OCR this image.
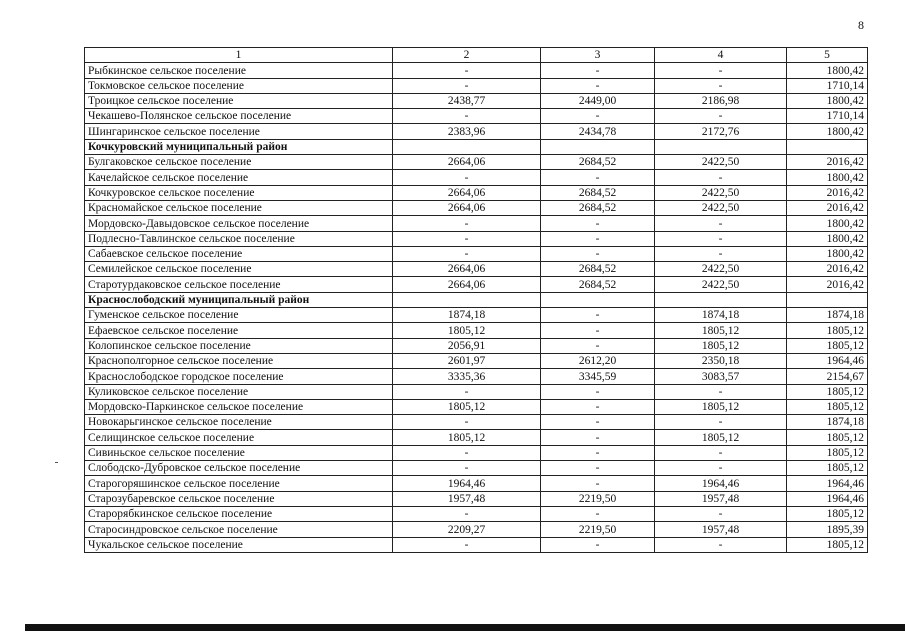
8
1	2	3	4	5
Рыбкинское сельское поселение	-	-	-	1800,42
Токмовское сельское поселение	-	-	-	1710,14
Троицкое сельское поселение	2438,77	2449,00	2186,98	1800,42
Чекашево-Полянское сельское поселение	-	-	-	1710,14
Шингаринское сельское поселение	2383,96	2434,78	2172,76	1800,42
Кочкуровский муниципальный район				
Булгаковское сельское поселение	2664,06	2684,52	2422,50	2016,42
Качелайское сельское поселение	-	-	-	1800,42
Кочкуровское сельское поселение	2664,06	2684,52	2422,50	2016,42
Красномайское сельское поселение	2664,06	2684,52	2422,50	2016,42
Мордовско-Давыдовское сельское поселение	-	-	-	1800,42
Подлесно-Тавлинское сельское поселение	-	-	-	1800,42
Сабаевское сельское поселение	-	-	-	1800,42
Семилейское сельское поселение	2664,06	2684,52	2422,50	2016,42
Старотурдаковское сельское поселение	2664,06	2684,52	2422,50	2016,42
Краснослободский муниципальный район				
Гуменское сельское поселение	1874,18	-	1874,18	1874,18
Ефаевское сельское поселение	1805,12	-	1805,12	1805,12
Колопинское сельское поселение	2056,91	-	1805,12	1805,12
Краснополгорное сельское поселение	2601,97	2612,20	2350,18	1964,46
Краснослободское городское поселение	3335,36	3345,59	3083,57	2154,67
Куликовское сельское поселение	-	-	-	1805,12
Мордовско-Паркинское сельское поселение	1805,12	-	1805,12	1805,12
Новокарьгинское сельское поселение	-	-	-	1874,18
Селищинское сельское поселение	1805,12	-	1805,12	1805,12
Сивиньское сельское поселение	-	-	-	1805,12
Слободско-Дубровское сельское поселение	-	-	-	1805,12
Старогоряшинское сельское поселение	1964,46	-	1964,46	1964,46
Старозубаревское сельское поселение	1957,48	2219,50	1957,48	1964,46
Старорябкинское сельское поселение	-	-	-	1805,12
Старосиндровское сельское поселение	2209,27	2219,50	1957,48	1895,39
Чукальское сельское поселение	-	-	-	1805,12
